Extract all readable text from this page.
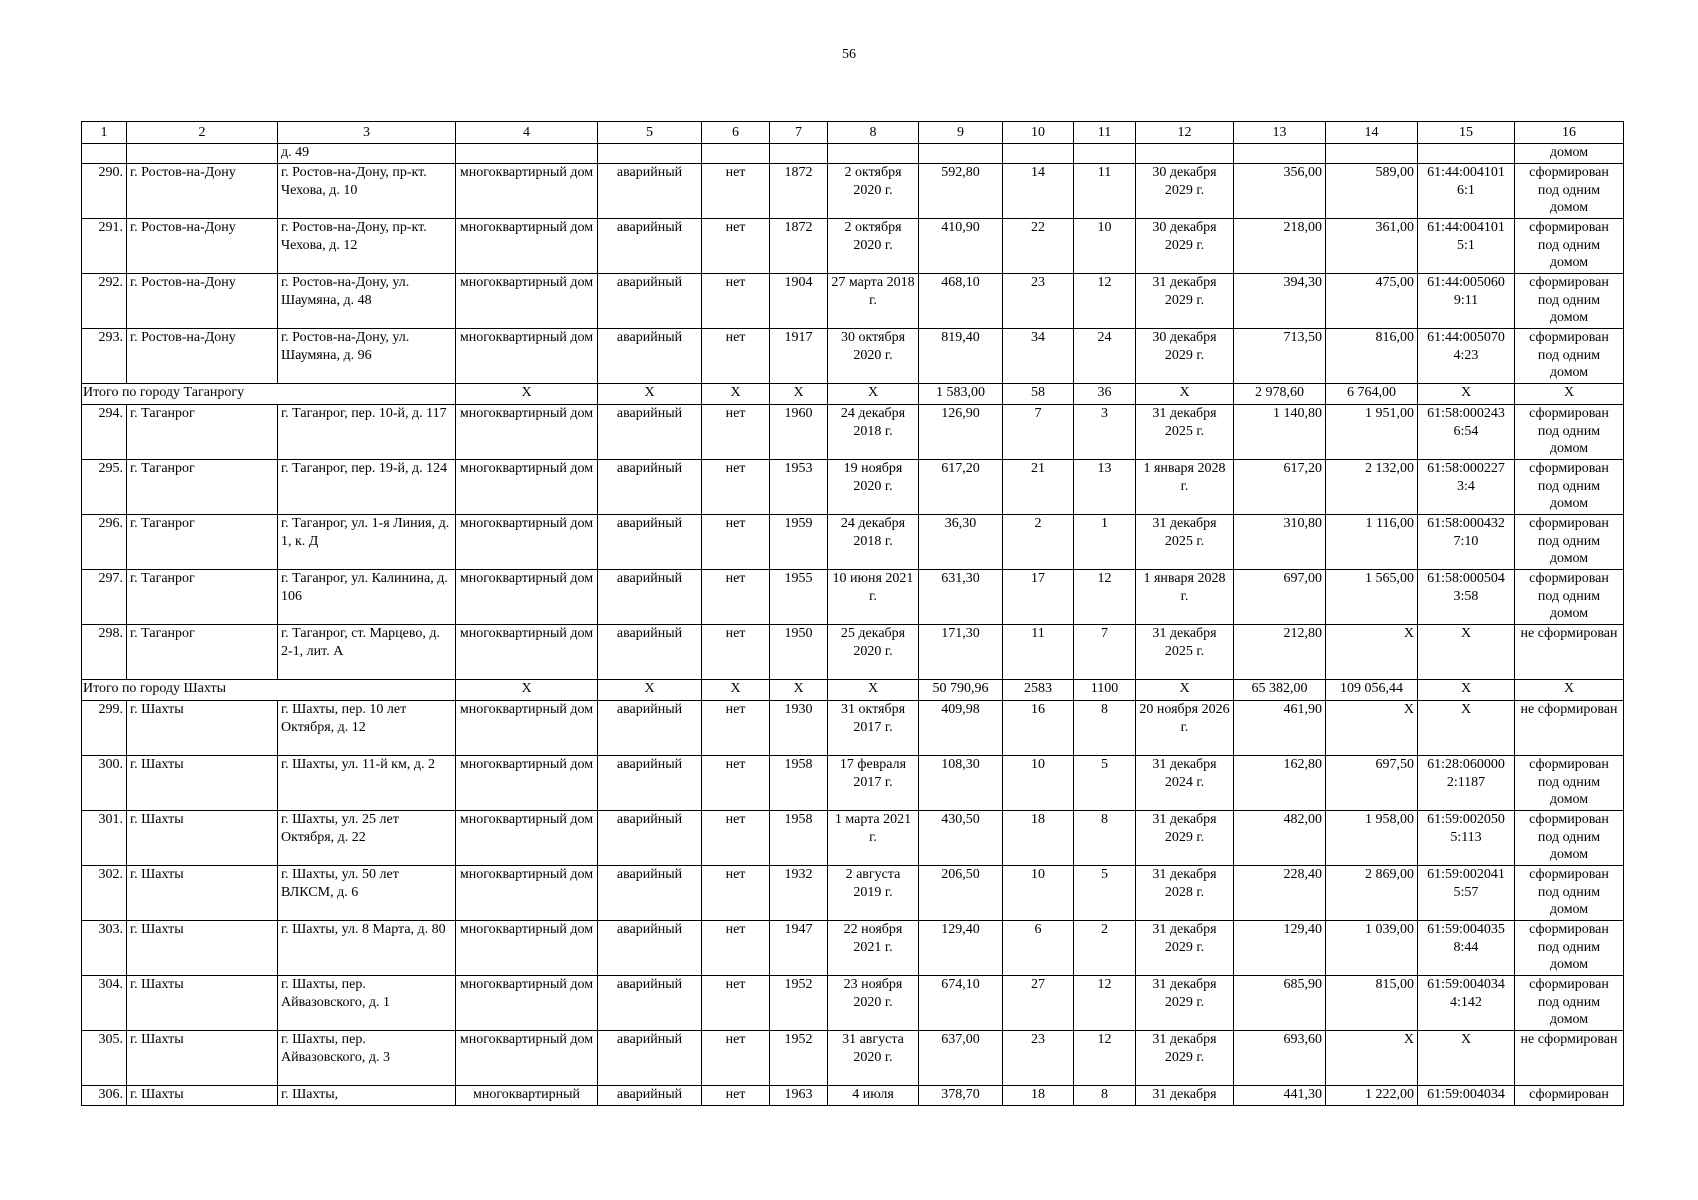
56
1	2	3	4	5	6	7	8	9	10	11	12	13	14	15	16
		д. 49													домом
290.	г. Ростов-на-Дону	г. Ростов-на-Дону, пр-кт. Чехова, д. 10	многоквартирный дом	аварийный	нет	1872	2 октября 2020 г.	592,80	14	11	30 декабря 2029 г.	356,00	589,00	61:44:004101 6:1	сформирован под одним домом
291.	г. Ростов-на-Дону	г. Ростов-на-Дону, пр-кт. Чехова, д. 12	многоквартирный дом	аварийный	нет	1872	2 октября 2020 г.	410,90	22	10	30 декабря 2029 г.	218,00	361,00	61:44:004101 5:1	сформирован под одним домом
292.	г. Ростов-на-Дону	г. Ростов-на-Дону, ул. Шаумяна, д. 48	многоквартирный дом	аварийный	нет	1904	27 марта 2018 г.	468,10	23	12	31 декабря 2029 г.	394,30	475,00	61:44:005060 9:11	сформирован под одним домом
293.	г. Ростов-на-Дону	г. Ростов-на-Дону, ул. Шаумяна, д. 96	многоквартирный дом	аварийный	нет	1917	30 октября 2020 г.	819,40	34	24	30 декабря 2029 г.	713,50	816,00	61:44:005070 4:23	сформирован под одним домом
Итого по городу Таганрогу			Х	Х	Х	Х	Х	1 583,00	58	36	Х	2 978,60	6 764,00	Х	Х
294.	г. Таганрог	г. Таганрог, пер. 10-й, д. 117	многоквартирный дом	аварийный	нет	1960	24 декабря 2018 г.	126,90	7	3	31 декабря 2025 г.	1 140,80	1 951,00	61:58:000243 6:54	сформирован под одним домом
295.	г. Таганрог	г. Таганрог, пер. 19-й, д. 124	многоквартирный дом	аварийный	нет	1953	19 ноября 2020 г.	617,20	21	13	1 января 2028 г.	617,20	2 132,00	61:58:000227 3:4	сформирован под одним домом
296.	г. Таганрог	г. Таганрог, ул. 1-я Линия, д. 1, к. Д	многоквартирный дом	аварийный	нет	1959	24 декабря 2018 г.	36,30	2	1	31 декабря 2025 г.	310,80	1 116,00	61:58:000432 7:10	сформирован под одним домом
297.	г. Таганрог	г. Таганрог, ул. Калинина, д. 106	многоквартирный дом	аварийный	нет	1955	10 июня 2021 г.	631,30	17	12	1 января 2028 г.	697,00	1 565,00	61:58:000504 3:58	сформирован под одним домом
298.	г. Таганрог	г. Таганрог, ст. Марцево, д. 2-1, лит. А	многоквартирный дом	аварийный	нет	1950	25 декабря 2020 г.	171,30	11	7	31 декабря 2025 г.	212,80	Х	Х	не сформирован
Итого по городу Шахты			Х	Х	Х	Х	Х	50 790,96	2583	1100	Х	65 382,00	109 056,44	Х	Х
299.	г. Шахты	г. Шахты, пер. 10 лет Октября, д. 12	многоквартирный дом	аварийный	нет	1930	31 октября 2017 г.	409,98	16	8	20 ноября 2026 г.	461,90	Х	Х	не сформирован
300.	г. Шахты	г. Шахты, ул. 11-й км, д. 2	многоквартирный дом	аварийный	нет	1958	17 февраля 2017 г.	108,30	10	5	31 декабря 2024 г.	162,80	697,50	61:28:060000 2:1187	сформирован под одним домом
301.	г. Шахты	г. Шахты, ул. 25 лет Октября, д. 22	многоквартирный дом	аварийный	нет	1958	1 марта 2021 г.	430,50	18	8	31 декабря 2029 г.	482,00	1 958,00	61:59:002050 5:113	сформирован под одним домом
302.	г. Шахты	г. Шахты, ул. 50 лет ВЛКСМ, д. 6	многоквартирный дом	аварийный	нет	1932	2 августа 2019 г.	206,50	10	5	31 декабря 2028 г.	228,40	2 869,00	61:59:002041 5:57	сформирован под одним домом
303.	г. Шахты	г. Шахты, ул. 8 Марта, д. 80	многоквартирный дом	аварийный	нет	1947	22 ноября 2021 г.	129,40	6	2	31 декабря 2029 г.	129,40	1 039,00	61:59:004035 8:44	сформирован под одним домом
304.	г. Шахты	г. Шахты, пер. Айвазовского, д. 1	многоквартирный дом	аварийный	нет	1952	23 ноября 2020 г.	674,10	27	12	31 декабря 2029 г.	685,90	815,00	61:59:004034 4:142	сформирован под одним домом
305.	г. Шахты	г. Шахты, пер. Айвазовского, д. 3	многоквартирный дом	аварийный	нет	1952	31 августа 2020 г.	637,00	23	12	31 декабря 2029 г.	693,60	Х	Х	не сформирован
306.	г. Шахты	г. Шахты,	многоквартирный	аварийный	нет	1963	4 июля	378,70	18	8	31 декабря	441,30	1 222,00	61:59:004034	сформирован
